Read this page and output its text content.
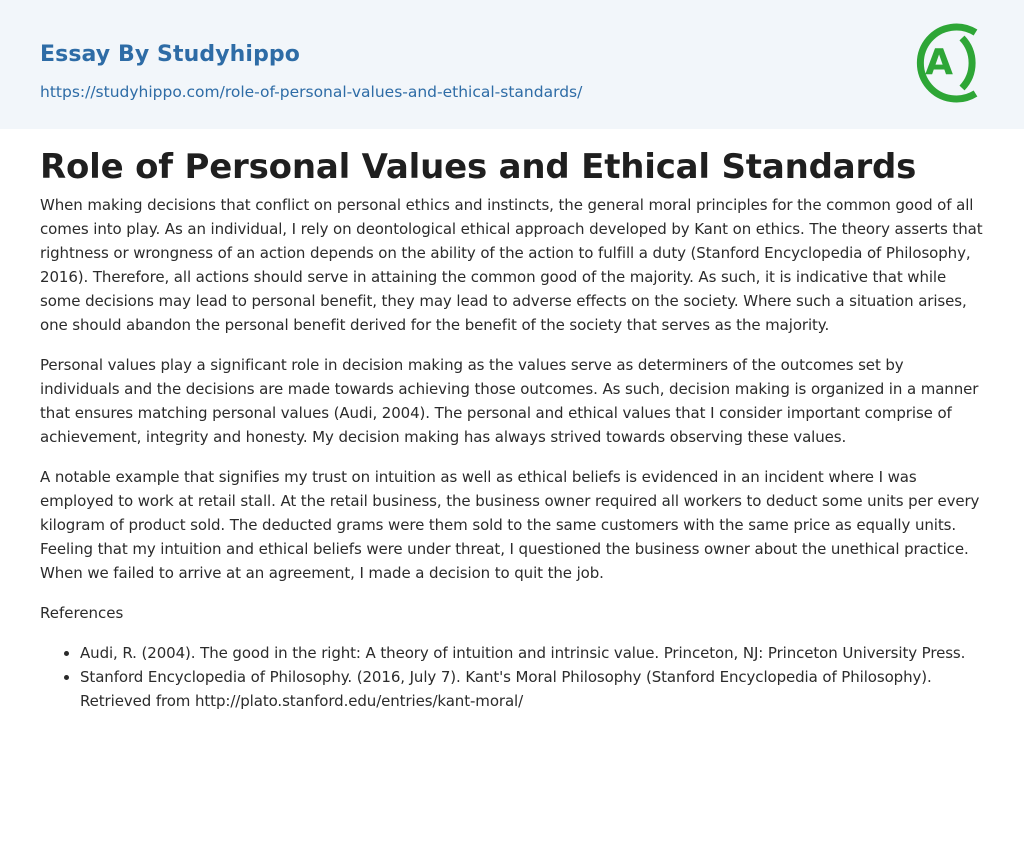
Essay By Studyhippo
https://studyhippo.com/role-of-personal-values-and-ethical-standards/
A
Role of Personal Values and Ethical Standards

When making decisions that conflict on personal ethics and instincts, the general moral principles for the common good of all comes into play. As an individual, I rely on deontological ethical approach developed by Kant on ethics. The theory asserts that rightness or wrongness of an action depends on the ability of the action to fulfill a duty (Stanford Encyclopedia of Philosophy, 2016). Therefore, all actions should serve in attaining the common good of the majority. As such, it is indicative that while some decisions may lead to personal benefit, they may lead to adverse effects on the society. Where such a situation arises, one should abandon the personal benefit derived for the benefit of the society that serves as the majority.

Personal values play a significant role in decision making as the values serve as determiners of the outcomes set by individuals and the decisions are made towards achieving those outcomes. As such, decision making is organized in a manner that ensures matching personal values (Audi, 2004). The personal and ethical values that I consider important comprise of achievement, integrity and honesty. My decision making has always strived towards observing these values.

A notable example that signifies my trust on intuition as well as ethical beliefs is evidenced in an incident where I was employed to work at retail stall. At the retail business, the business owner required all workers to deduct some units per every kilogram of product sold. The deducted grams were them sold to the same customers with the same price as equally units. Feeling that my intuition and ethical beliefs were under threat, I questioned the business owner about the unethical practice. When we failed to arrive at an agreement, I made a decision to quit the job.

References

• Audi, R. (2004). The good in the right: A theory of intuition and intrinsic value. Princeton, NJ: Princeton University Press.
• Stanford Encyclopedia of Philosophy. (2016, July 7). Kant's Moral Philosophy (Stanford Encyclopedia of Philosophy). Retrieved from http://plato.stanford.edu/entries/kant-moral/
